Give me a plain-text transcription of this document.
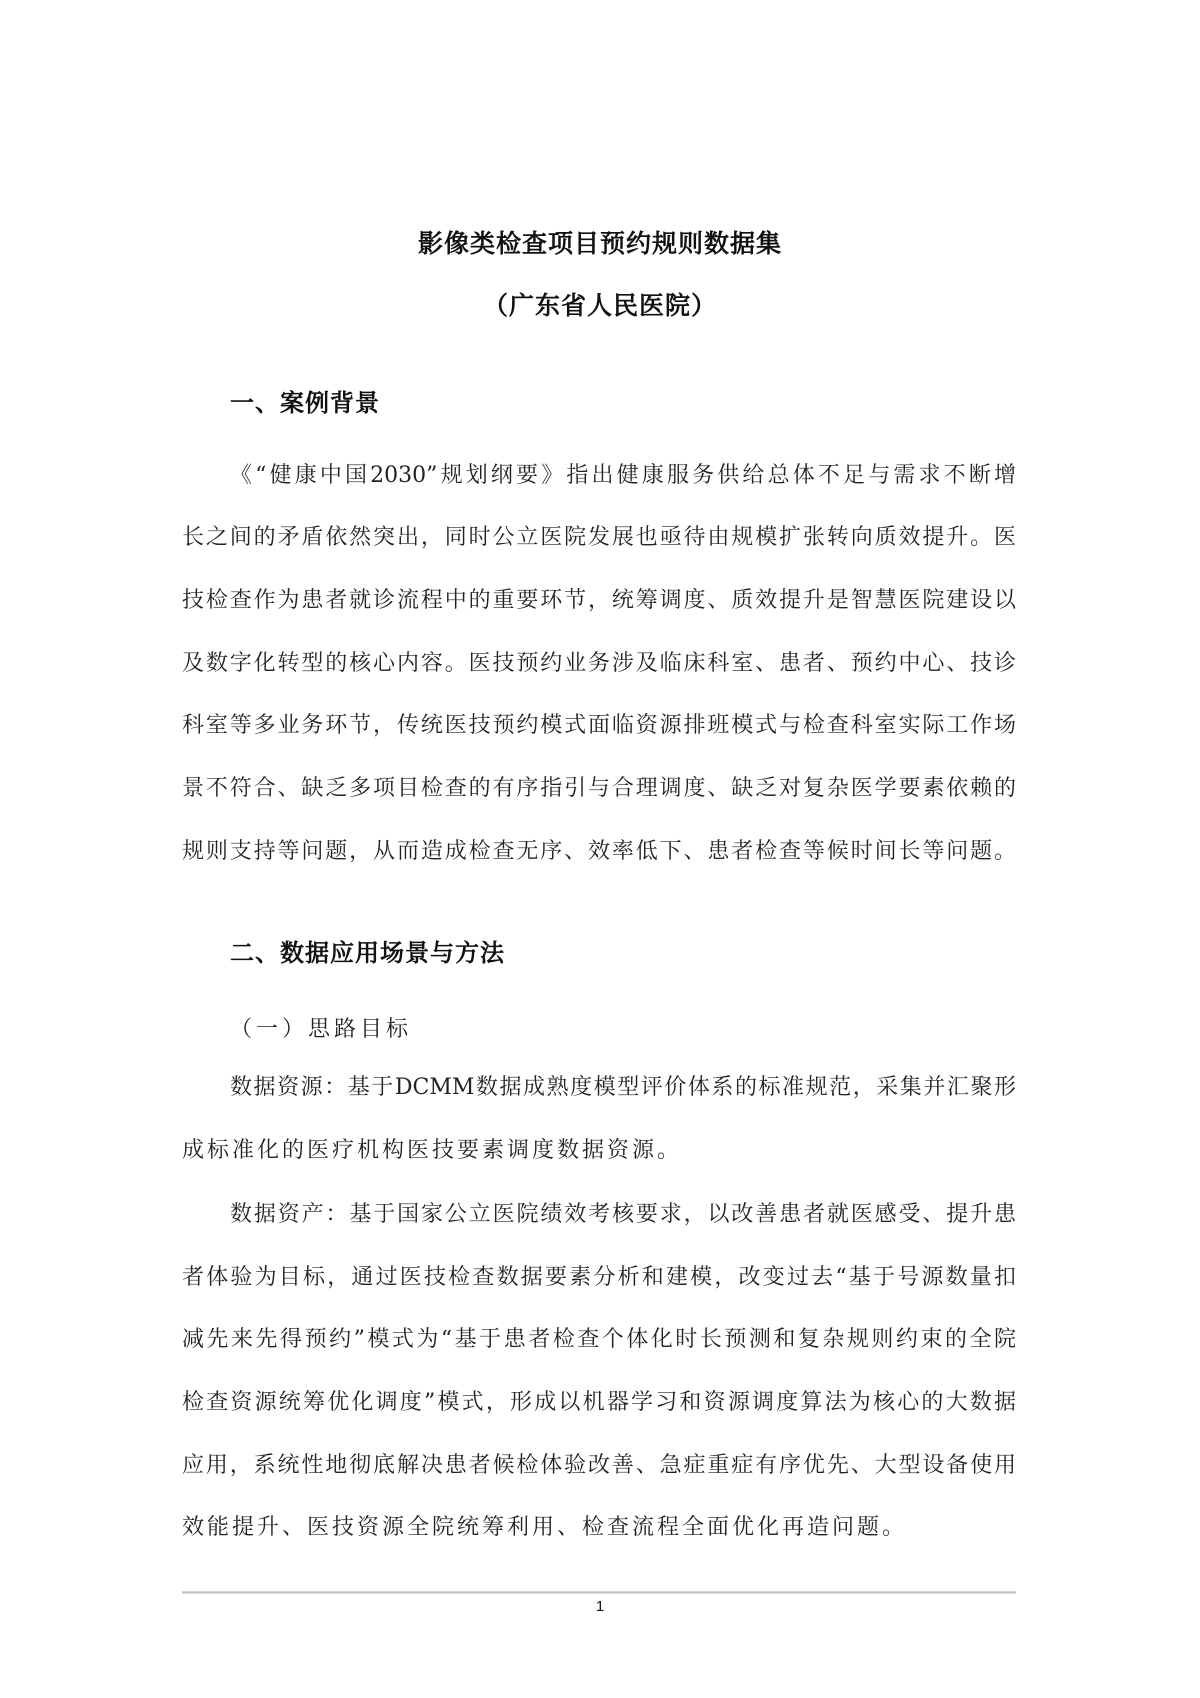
影像类检查项目预约规则数据集
（广东省人民医院）
一、案例背景
《“健康中国2030”规划纲要》指出健康服务供给总体不足与需求不断增
长之间的矛盾依然突出，同时公立医院发展也亟待由规模扩张转向质效提升。医
技检查作为患者就诊流程中的重要环节，统筹调度、质效提升是智慧医院建设以
及数字化转型的核心内容。医技预约业务涉及临床科室、患者、预约中心、技诊
科室等多业务环节，传统医技预约模式面临资源排班模式与检查科室实际工作场
景不符合、缺乏多项目检查的有序指引与合理调度、缺乏对复杂医学要素依赖的
规则支持等问题，从而造成检查无序、效率低下、患者检查等候时间长等问题。
二、数据应用场景与方法
（一）思路目标
数据资源：基于DCMM数据成熟度模型评价体系的标准规范，采集并汇聚形
成标准化的医疗机构医技要素调度数据资源。
数据资产：基于国家公立医院绩效考核要求，以改善患者就医感受、提升患
者体验为目标，通过医技检查数据要素分析和建模，改变过去“基于号源数量扣
减先来先得预约”模式为“基于患者检查个体化时长预测和复杂规则约束的全院
检查资源统筹优化调度”模式，形成以机器学习和资源调度算法为核心的大数据
应用，系统性地彻底解决患者候检体验改善、急症重症有序优先、大型设备使用
效能提升、医技资源全院统筹利用、检查流程全面优化再造问题。
1
